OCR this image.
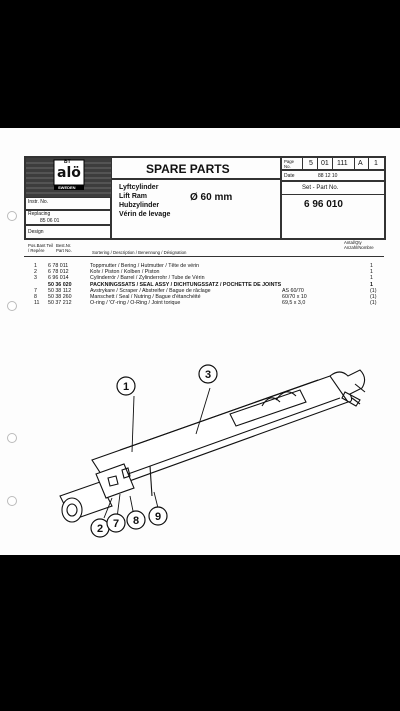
BT
alö
SWEDEN
Instr. No.
Replacing
85 06 01
Design
SPARE PARTS
Lyftcylinder
Lift Ram
Hubzylinder
Vérin de levage
Ø 60 mm
Page No.	5 01 111 A 1
Date	88 12 10
Set - Part No.
6 96 010
Pos.Bant Teil / Repère
Best.Nr. Part No.	Sortering / Description / Benennung / Désignation
Antal/Qty Anzahl/Nombre
1 6 78 011	Toppmutter / Bering / Hutmutter / Tête de vérin	1
2 6 78 012	Kolv / Piston / Kolben / Piston	1
3 6 96 014	Cylinderrör / Barrel / Zylinderrohr / Tube de Vérin	1
50 36 020	PACKNINGSSATS / SEAL ASSY / DICHTUNGSSATZ / POCHETTE DE JOINTS	1
7 50 38 112	Avstrykare / Scraper / Abstreifer / Bague de râclage	AS 60/70	(1)
8 50 38 260	Manschett / Seal / Nutring / Bague d'étanchéité	60/70 x 10	(1)
11 50 37 212	O-ring / 'O'-ring / O-Ring / Joint torique	69,5 x 3,0	(1)
1
3
2 7 8 9
